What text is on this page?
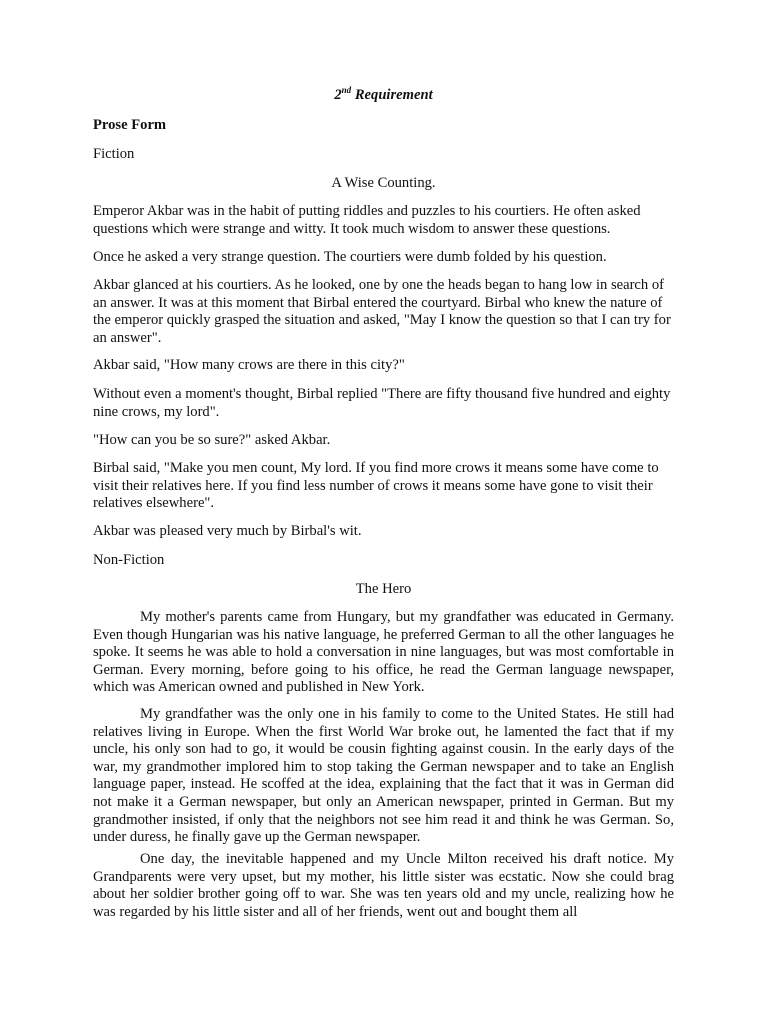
2nd Requirement

Prose Form

Fiction

A Wise Counting.

Emperor Akbar was in the habit of putting riddles and puzzles to his courtiers. He often asked questions which were strange and witty. It took much wisdom to answer these questions.

Once he asked a very strange question. The courtiers were dumb folded by his question.

Akbar glanced at his courtiers. As he looked, one by one the heads began to hang low in search of an answer. It was at this moment that Birbal entered the courtyard. Birbal who knew the nature of the emperor quickly grasped the situation and asked, "May I know the question so that I can try for an answer".

Akbar said, "How many crows are there in this city?"

Without even a moment's thought, Birbal replied "There are fifty thousand five hundred and eighty nine crows, my lord".

"How can you be so sure?" asked Akbar.

Birbal said, "Make you men count, My lord. If you find more crows it means some have come to visit their relatives here. If you find less number of crows it means some have gone to visit their relatives elsewhere".

Akbar was pleased very much by Birbal's wit.

Non-Fiction

The Hero

My mother's parents came from Hungary, but my grandfather was educated in Germany. Even though Hungarian was his native language, he preferred German to all the other languages he spoke. It seems he was able to hold a conversation in nine languages, but was most comfortable in German. Every morning, before going to his office, he read the German language newspaper, which was American owned and published in New York.

My grandfather was the only one in his family to come to the United States. He still had relatives living in Europe. When the first World War broke out, he lamented the fact that if my uncle, his only son had to go, it would be cousin fighting against cousin. In the early days of the war, my grandmother implored him to stop taking the German newspaper and to take an English language paper, instead. He scoffed at the idea, explaining that the fact that it was in German did not make it a German newspaper, but only an American newspaper, printed in German. But my grandmother insisted, if only that the neighbors not see him read it and think he was German. So, under duress, he finally gave up the German newspaper.

One day, the inevitable happened and my Uncle Milton received his draft notice. My Grandparents were very upset, but my mother, his little sister was ecstatic. Now she could brag about her soldier brother going off to war. She was ten years old and my uncle, realizing how he was regarded by his little sister and all of her friends, went out and bought them all
